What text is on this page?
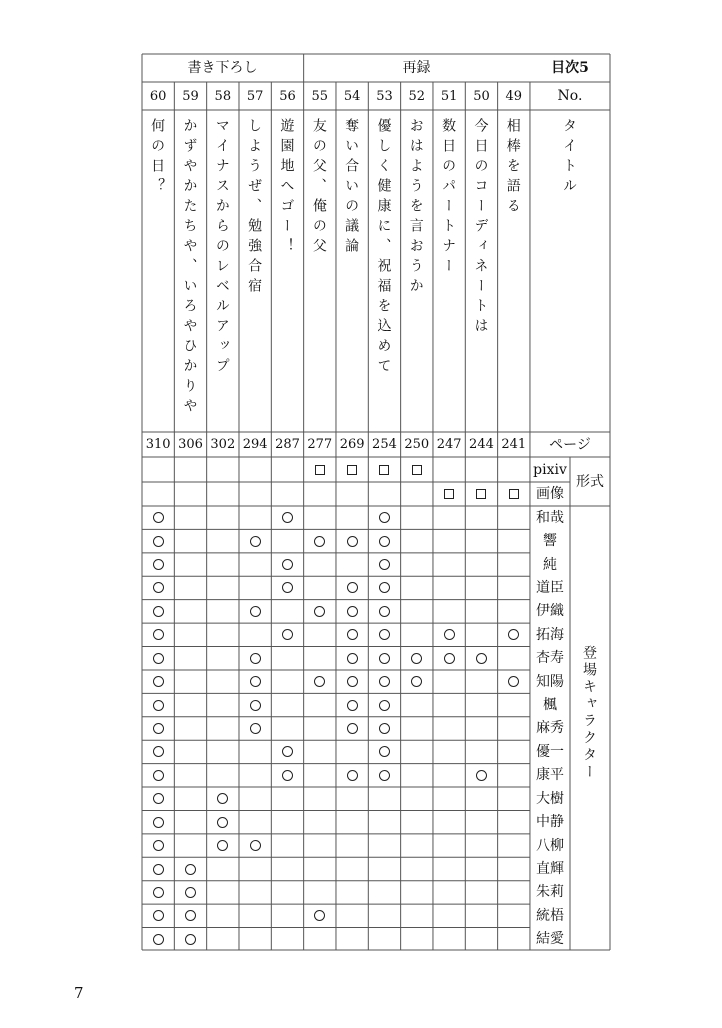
書き下ろし	再録	目次5
No.
タイトル
ページ
pixiv
画像
形式
登場キャラクター
60
何の日？
310
59
かずやかたちや、いろやひかりや
306
58
マイナスからのレベルアップ
302
57
しようぜ、勉強合宿
294
56
遊園地へゴー！
287
55
友の父、俺の父
277
54
奪い合いの議論
269
53
優しく健康に、祝福を込めて
254
52
おはようを言おうか
250
51
数日のパートナー
247
50
今日のコーディネートは
244
49
相棒を語る
241
和哉
響
純
道臣
伊織
拓海
杏寿
知陽
楓
麻秀
優一
康平
大樹
中静
八柳
直輝
朱莉
統梧
結愛
7
